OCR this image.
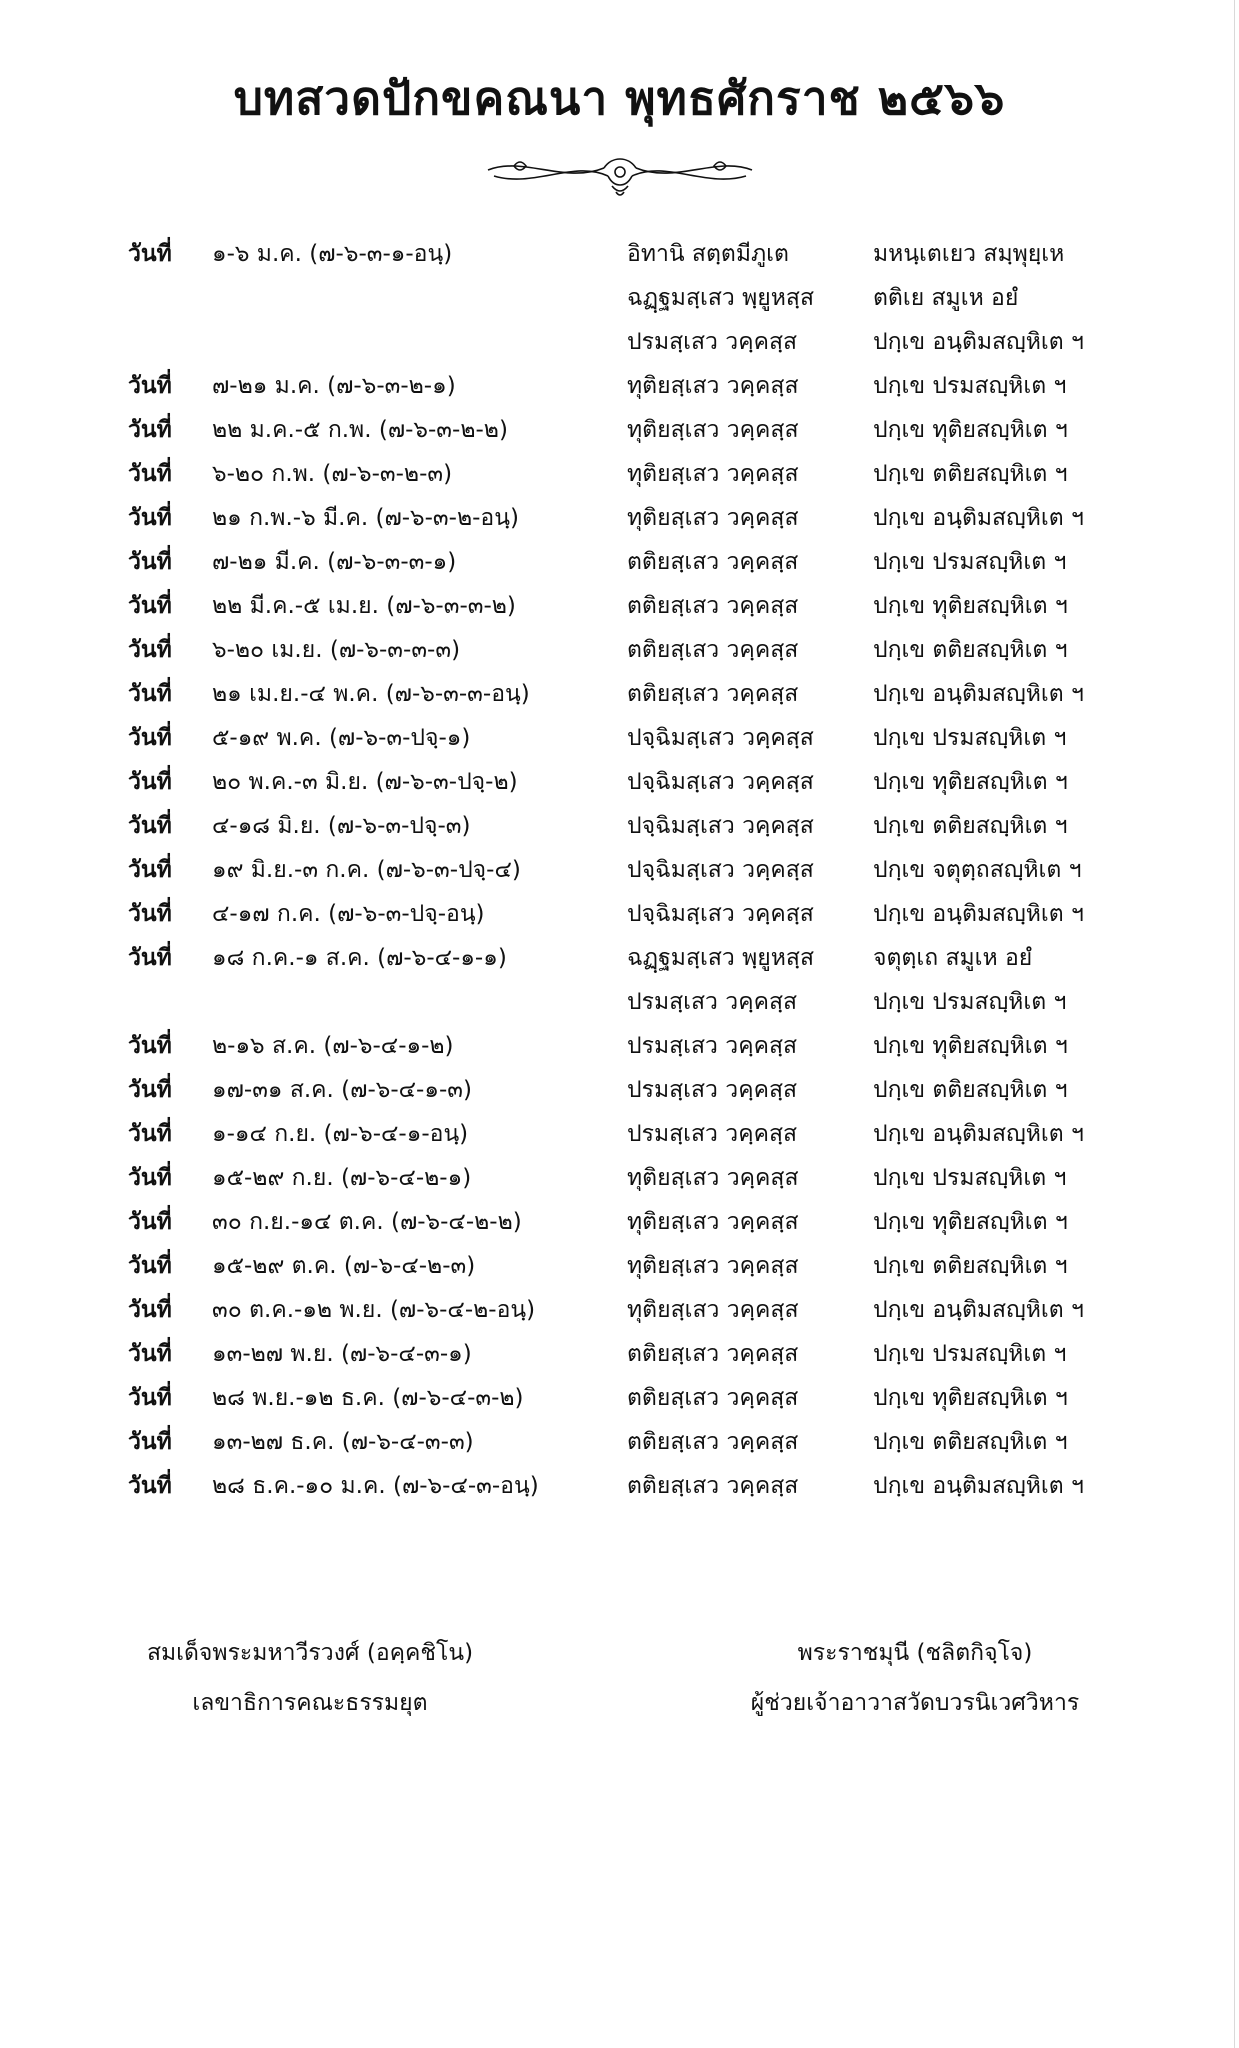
บทสวดปักขคณนา พุทธศักราช ๒๕๖๖
วันที่ ๑-๖ ม.ค. (๗-๖-๓-๑-อนฺ)	อิทานิ สตฺตมีภูเต	มหนฺเตเยว สมฺพุยฺเห
ฉฏฺฐมสฺเสว พฺยูหสฺส	ตติเย สมูเห อยํ
ปรมสฺเสว วคฺคสฺส	ปกฺเข อนฺติมสญฺหิเต ฯ
วันที่ ๗-๒๑ ม.ค. (๗-๖-๓-๒-๑)	ทุติยสฺเสว วคฺคสฺส	ปกฺเข ปรมสญฺหิเต ฯ
วันที่ ๒๒ ม.ค.-๕ ก.พ. (๗-๖-๓-๒-๒)	ทุติยสฺเสว วคฺคสฺส	ปกฺเข ทุติยสญฺหิเต ฯ
วันที่ ๖-๒๐ ก.พ. (๗-๖-๓-๒-๓)	ทุติยสฺเสว วคฺคสฺส	ปกฺเข ตติยสญฺหิเต ฯ
วันที่ ๒๑ ก.พ.-๖ มี.ค. (๗-๖-๓-๒-อนฺ)	ทุติยสฺเสว วคฺคสฺส	ปกฺเข อนฺติมสญฺหิเต ฯ
วันที่ ๗-๒๑ มี.ค. (๗-๖-๓-๓-๑)	ตติยสฺเสว วคฺคสฺส	ปกฺเข ปรมสญฺหิเต ฯ
วันที่ ๒๒ มี.ค.-๕ เม.ย. (๗-๖-๓-๓-๒)	ตติยสฺเสว วคฺคสฺส	ปกฺเข ทุติยสญฺหิเต ฯ
วันที่ ๖-๒๐ เม.ย. (๗-๖-๓-๓-๓)	ตติยสฺเสว วคฺคสฺส	ปกฺเข ตติยสญฺหิเต ฯ
วันที่ ๒๑ เม.ย.-๔ พ.ค. (๗-๖-๓-๓-อนฺ)	ตติยสฺเสว วคฺคสฺส	ปกฺเข อนฺติมสญฺหิเต ฯ
วันที่ ๕-๑๙ พ.ค. (๗-๖-๓-ปจฺ-๑)	ปจฺฉิมสฺเสว วคฺคสฺส	ปกฺเข ปรมสญฺหิเต ฯ
วันที่ ๒๐ พ.ค.-๓ มิ.ย. (๗-๖-๓-ปจฺ-๒)	ปจฺฉิมสฺเสว วคฺคสฺส	ปกฺเข ทุติยสญฺหิเต ฯ
วันที่ ๔-๑๘ มิ.ย. (๗-๖-๓-ปจฺ-๓)	ปจฺฉิมสฺเสว วคฺคสฺส	ปกฺเข ตติยสญฺหิเต ฯ
วันที่ ๑๙ มิ.ย.-๓ ก.ค. (๗-๖-๓-ปจฺ-๔)	ปจฺฉิมสฺเสว วคฺคสฺส	ปกฺเข จตุตฺถสญฺหิเต ฯ
วันที่ ๔-๑๗ ก.ค. (๗-๖-๓-ปจฺ-อนฺ)	ปจฺฉิมสฺเสว วคฺคสฺส	ปกฺเข อนฺติมสญฺหิเต ฯ
วันที่ ๑๘ ก.ค.-๑ ส.ค. (๗-๖-๔-๑-๑)	ฉฏฺฐมสฺเสว พฺยูหสฺส	จตุตฺเถ สมูเห อยํ
ปรมสฺเสว วคฺคสฺส	ปกฺเข ปรมสญฺหิเต ฯ
วันที่ ๒-๑๖ ส.ค. (๗-๖-๔-๑-๒)	ปรมสฺเสว วคฺคสฺส	ปกฺเข ทุติยสญฺหิเต ฯ
วันที่ ๑๗-๓๑ ส.ค. (๗-๖-๔-๑-๓)	ปรมสฺเสว วคฺคสฺส	ปกฺเข ตติยสญฺหิเต ฯ
วันที่ ๑-๑๔ ก.ย. (๗-๖-๔-๑-อนฺ)	ปรมสฺเสว วคฺคสฺส	ปกฺเข อนฺติมสญฺหิเต ฯ
วันที่ ๑๕-๒๙ ก.ย. (๗-๖-๔-๒-๑)	ทุติยสฺเสว วคฺคสฺส	ปกฺเข ปรมสญฺหิเต ฯ
วันที่ ๓๐ ก.ย.-๑๔ ต.ค. (๗-๖-๔-๒-๒)	ทุติยสฺเสว วคฺคสฺส	ปกฺเข ทุติยสญฺหิเต ฯ
วันที่ ๑๕-๒๙ ต.ค. (๗-๖-๔-๒-๓)	ทุติยสฺเสว วคฺคสฺส	ปกฺเข ตติยสญฺหิเต ฯ
วันที่ ๓๐ ต.ค.-๑๒ พ.ย. (๗-๖-๔-๒-อนฺ)	ทุติยสฺเสว วคฺคสฺส	ปกฺเข อนฺติมสญฺหิเต ฯ
วันที่ ๑๓-๒๗ พ.ย. (๗-๖-๔-๓-๑)	ตติยสฺเสว วคฺคสฺส	ปกฺเข ปรมสญฺหิเต ฯ
วันที่ ๒๘ พ.ย.-๑๒ ธ.ค. (๗-๖-๔-๓-๒)	ตติยสฺเสว วคฺคสฺส	ปกฺเข ทุติยสญฺหิเต ฯ
วันที่ ๑๓-๒๗ ธ.ค. (๗-๖-๔-๓-๓)	ตติยสฺเสว วคฺคสฺส	ปกฺเข ตติยสญฺหิเต ฯ
วันที่ ๒๘ ธ.ค.-๑๐ ม.ค. (๗-๖-๔-๓-อนฺ)	ตติยสฺเสว วคฺคสฺส	ปกฺเข อนฺติมสญฺหิเต ฯ
สมเด็จพระมหาวีรวงศ์ (อคฺคชิโน)
เลขาธิการคณะธรรมยุต
พระราชมุนี (ชลิตกิจฺโจ)
ผู้ช่วยเจ้าอาวาสวัดบวรนิเวศวิหาร
